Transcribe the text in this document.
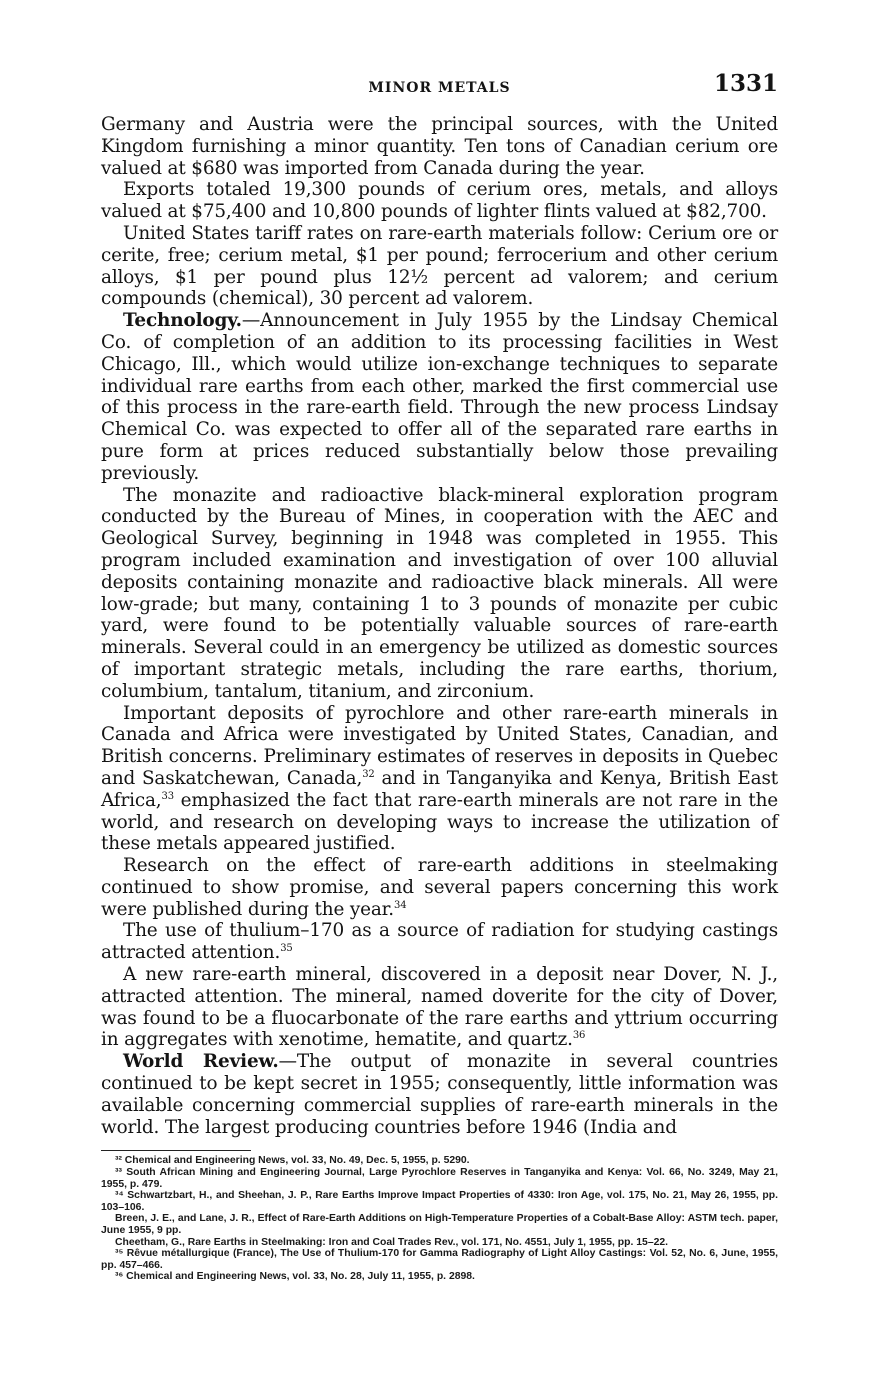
MINOR METALS	1331

Germany and Austria were the principal sources, with the United Kingdom furnishing a minor quantity. Ten tons of Canadian cerium ore valued at $680 was imported from Canada during the year.

Exports totaled 19,300 pounds of cerium ores, metals, and alloys valued at $75,400 and 10,800 pounds of lighter flints valued at $82,700.

United States tariff rates on rare-earth materials follow: Cerium ore or cerite, free; cerium metal, $1 per pound; ferrocerium and other cerium alloys, $1 per pound plus 12½ percent ad valorem; and cerium compounds (chemical), 30 percent ad valorem.

Technology.—Announcement in July 1955 by the Lindsay Chemical Co. of completion of an addition to its processing facilities in West Chicago, Ill., which would utilize ion-exchange techniques to separate individual rare earths from each other, marked the first commercial use of this process in the rare-earth field. Through the new process Lindsay Chemical Co. was expected to offer all of the separated rare earths in pure form at prices reduced substantially below those prevailing previously.

The monazite and radioactive black-mineral exploration program conducted by the Bureau of Mines, in cooperation with the AEC and Geological Survey, beginning in 1948 was completed in 1955. This program included examination and investigation of over 100 alluvial deposits containing monazite and radioactive black minerals. All were low-grade; but many, containing 1 to 3 pounds of monazite per cubic yard, were found to be potentially valuable sources of rare-earth minerals. Several could in an emergency be utilized as domestic sources of important strategic metals, including the rare earths, thorium, columbium, tantalum, titanium, and zirconium.

Important deposits of pyrochlore and other rare-earth minerals in Canada and Africa were investigated by United States, Canadian, and British concerns. Preliminary estimates of reserves in deposits in Quebec and Saskatchewan, Canada,$^{32}$ and in Tanganyika and Kenya, British East Africa,$^{33}$ emphasized the fact that rare-earth minerals are not rare in the world, and research on developing ways to increase the utilization of these metals appeared justified.

Research on the effect of rare-earth additions in steelmaking continued to show promise, and several papers concerning this work were published during the year.$^{34}$

The use of thulium–170 as a source of radiation for studying castings attracted attention.$^{35}$

A new rare-earth mineral, discovered in a deposit near Dover, N. J., attracted attention. The mineral, named doverite for the city of Dover, was found to be a fluocarbonate of the rare earths and yttrium occurring in aggregates with xenotime, hematite, and quartz.$^{36}$

World Review.—The output of monazite in several countries continued to be kept secret in 1955; consequently, little information was available concerning commercial supplies of rare-earth minerals in the world. The largest producing countries before 1946 (India and

³² Chemical and Engineering News, vol. 33, No. 49, Dec. 5, 1955, p. 5290.

³³ South African Mining and Engineering Journal, Large Pyrochlore Reserves in Tanganyika and Kenya: Vol. 66, No. 3249, May 21, 1955, p. 479.

³⁴ Schwartzbart, H., and Sheehan, J. P., Rare Earths Improve Impact Properties of 4330: Iron Age, vol. 175, No. 21, May 26, 1955, pp. 103–106.

Breen, J. E., and Lane, J. R., Effect of Rare-Earth Additions on High-Temperature Properties of a Cobalt-Base Alloy: ASTM tech. paper, June 1955, 9 pp.

Cheetham, G., Rare Earths in Steelmaking: Iron and Coal Trades Rev., vol. 171, No. 4551, July 1, 1955, pp. 15–22.

³⁵ Rêvue métallurgique (France), The Use of Thulium-170 for Gamma Radiography of Light Alloy Castings: Vol. 52, No. 6, June, 1955, pp. 457–466.

³⁶ Chemical and Engineering News, vol. 33, No. 28, July 11, 1955, p. 2898.
